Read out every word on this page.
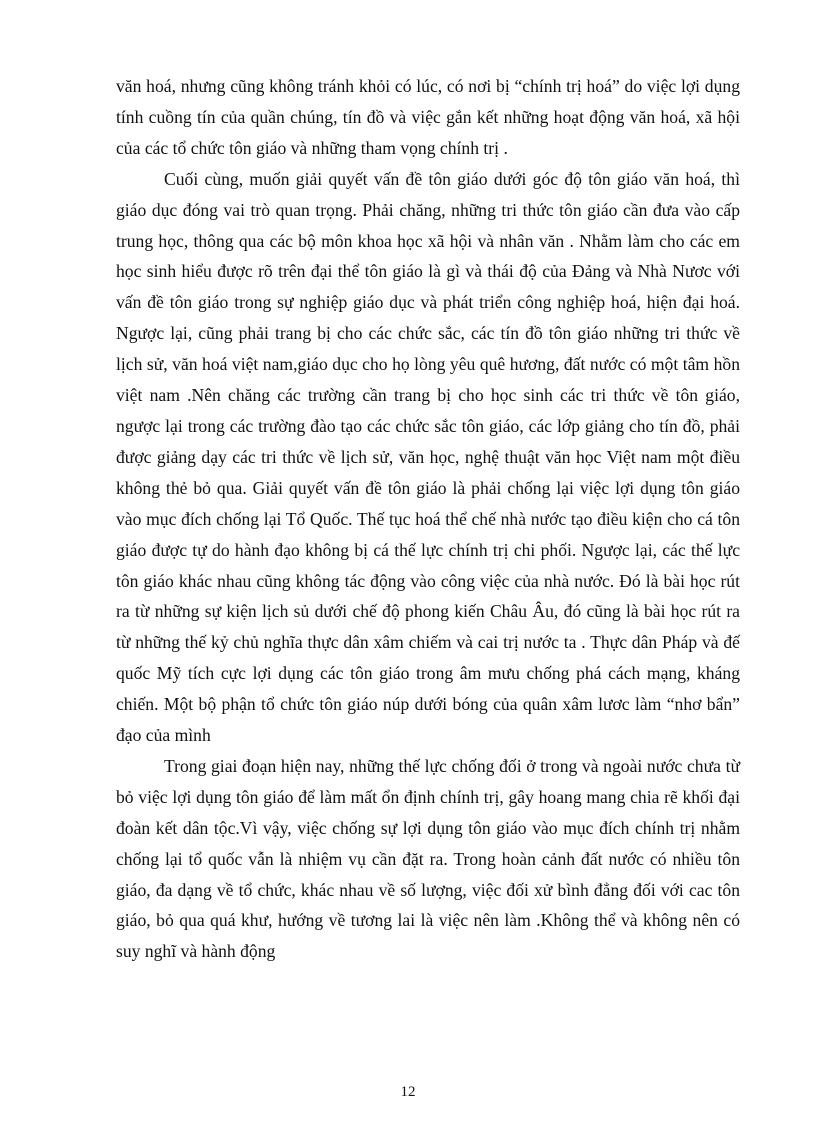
văn hoá, nhưng cũng không tránh khỏi có lúc, có nơi bị “chính trị hoá” do việc lợi dụng tính cuồng tín của quần chúng, tín đồ và việc gắn kết những hoạt động văn hoá, xã hội của các tổ chức tôn giáo và những tham vọng chính trị .

Cuối cùng, muốn giải quyết vấn đề tôn giáo dưới góc độ tôn giáo văn hoá, thì giáo dục đóng vai trò quan trọng. Phải chăng, những tri thức tôn giáo cần đưa vào cấp trung học, thông qua các bộ môn khoa học xã hội và nhân văn . Nhằm làm cho các em học sinh hiểu được rõ trên đại thể tôn giáo là gì và thái độ của Đảng và Nhà Nươc với vấn đề tôn giáo trong sự nghiệp giáo dục và phát triển công nghiệp hoá, hiện đại hoá. Ngược lại, cũng phải trang bị cho các chức sắc, các tín đồ tôn giáo những tri thức về lịch sử, văn hoá việt nam,giáo dục cho họ lòng yêu quê hương, đất nước có một tâm hồn việt nam .Nên chăng các trường cần trang bị cho học sinh các tri thức về tôn giáo, ngược lại trong các trường đào tạo các chức sắc tôn giáo, các lớp giảng cho tín đồ, phải được giảng dạy các tri thức về lịch sử, văn học, nghệ thuật văn học Việt nam một điều không thẻ bỏ qua. Giải quyết vấn đề tôn giáo là phải chống lại việc lợi dụng tôn giáo vào mục đích chống lại Tổ Quốc. Thế tục hoá thể chế nhà nước tạo điều kiện cho cá tôn giáo được tự do hành đạo không bị cá thế lực chính trị chi phối. Ngược lại, các thế lực tôn giáo khác nhau cũng không tác động vào công việc của nhà nước. Đó là bài học rút ra từ những sự kiện lịch sủ dưới chế độ phong kiến Châu Âu, đó cũng là bài học rút ra từ những thế kỷ chủ nghĩa thực dân xâm chiếm và cai trị nước ta . Thực dân Pháp và đế quốc Mỹ tích cực lợi dụng các tôn giáo trong âm mưu chống phá cách mạng, kháng chiến. Một bộ phận tổ chức tôn giáo núp dưới bóng của quân xâm lươc làm “nhơ bẩn” đạo của mình

Trong giai đoạn hiện nay, những thế lực chống đối ở trong và ngoài nước chưa từ bỏ việc lợi dụng tôn giáo để làm mất ổn định chính trị, gây hoang mang chia rẽ khối đại đoàn kết dân tộc.Vì vậy, việc chống sự lợi dụng tôn giáo vào mục đích chính trị nhằm chống lại tổ quốc vẫn là nhiệm vụ cần đặt ra. Trong hoàn cảnh đất nước có nhiều tôn giáo, đa dạng về tổ chức, khác nhau về số lượng, việc đối xử bình đẳng đối với cac tôn giáo, bỏ qua quá khư, hướng về tương lai là việc nên làm .Không thể và không nên có suy nghĩ và hành động

12
